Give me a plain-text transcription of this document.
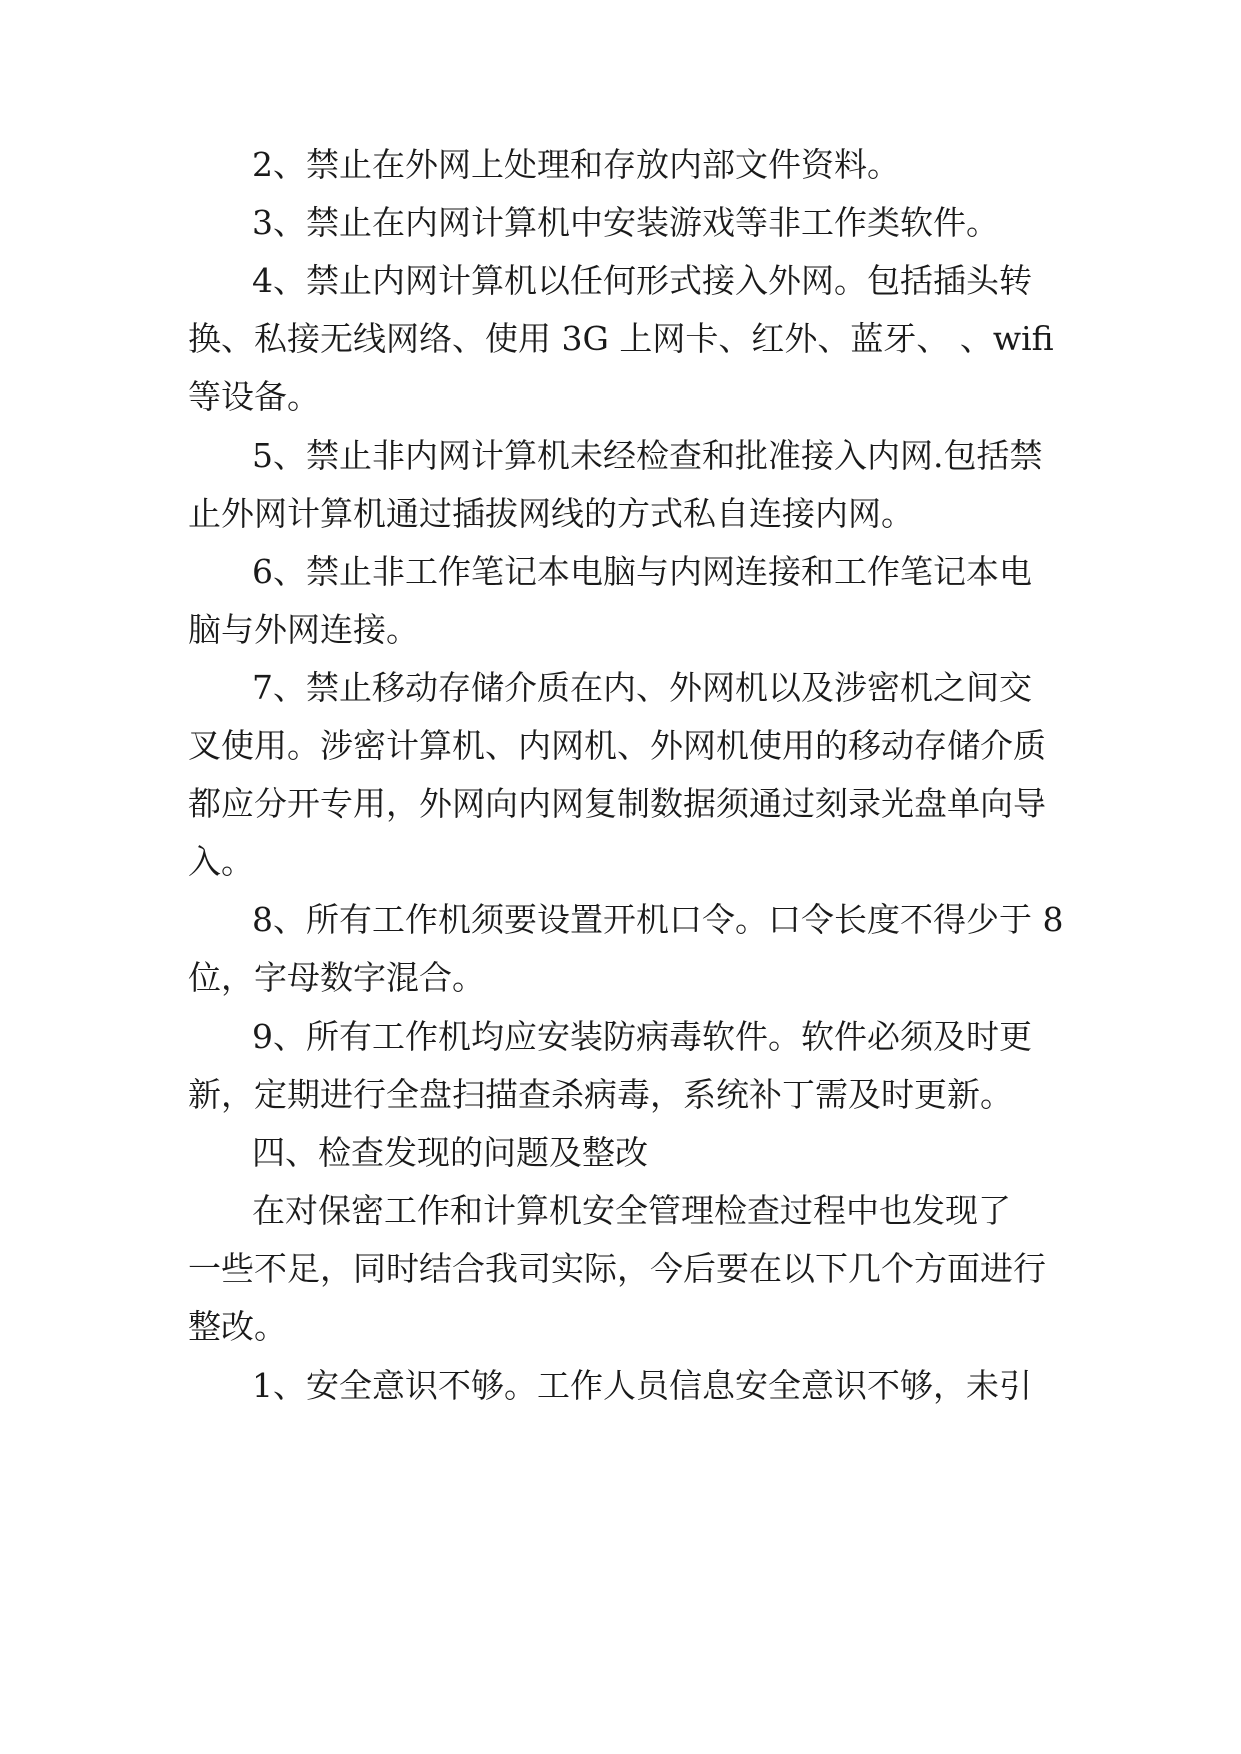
2、禁止在外网上处理和存放内部文件资料。
3、禁止在内网计算机中安装游戏等非工作类软件。
4、禁止内网计算机以任何形式接入外网。包括插头转
换、私接无线网络、使用 3G 上网卡、红外、蓝牙、 、wifi
等设备。
5、禁止非内网计算机未经检查和批准接入内网.包括禁
止外网计算机通过插拔网线的方式私自连接内网。
6、禁止非工作笔记本电脑与内网连接和工作笔记本电
脑与外网连接。
7、禁止移动存储介质在内、外网机以及涉密机之间交
叉使用。涉密计算机、内网机、外网机使用的移动存储介质
都应分开专用，外网向内网复制数据须通过刻录光盘单向导
入。
8、所有工作机须要设置开机口令。口令长度不得少于 8
位，字母数字混合。
9、所有工作机均应安装防病毒软件。软件必须及时更
新，定期进行全盘扫描查杀病毒，系统补丁需及时更新。
四、检查发现的问题及整改
在对保密工作和计算机安全管理检查过程中也发现了
一些不足，同时结合我司实际，今后要在以下几个方面进行
整改。
1、安全意识不够。工作人员信息安全意识不够，未引
